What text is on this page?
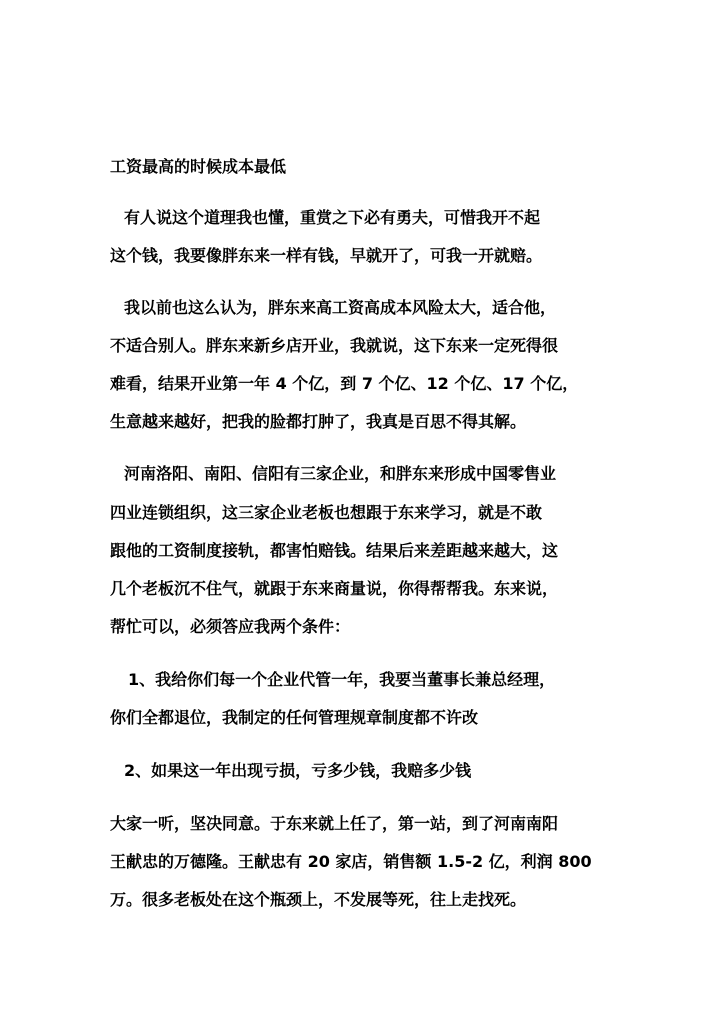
工资最高的时候成本最低
有人说这个道理我也懂，重赏之下必有勇夫，可惜我开不起
这个钱，我要像胖东来一样有钱，早就开了，可我一开就赔。
我以前也这么认为，胖东来高工资高成本风险太大，适合他，
不适合别人。胖东来新乡店开业，我就说，这下东来一定死得很
难看，结果开业第一年 4 个亿，到 7 个亿、12 个亿、17 个亿，
生意越来越好，把我的脸都打肿了，我真是百思不得其解。
河南洛阳、南阳、信阳有三家企业，和胖东来形成中国零售业
四业连锁组织，这三家企业老板也想跟于东来学习，就是不敢
跟他的工资制度接轨，都害怕赔钱。结果后来差距越来越大，这
几个老板沉不住气，就跟于东来商量说，你得帮帮我。东来说，
帮忙可以，必须答应我两个条件：
1、我给你们每一个企业代管一年，我要当董事长兼总经理，
你们全都退位，我制定的任何管理规章制度都不许改
2、如果这一年出现亏损，亏多少钱，我赔多少钱
大家一听，坚决同意。于东来就上任了，第一站，到了河南南阳
王献忠的万德隆。王献忠有 20 家店，销售额 1.5-2 亿，利润 800
万。很多老板处在这个瓶颈上，不发展等死，往上走找死。
